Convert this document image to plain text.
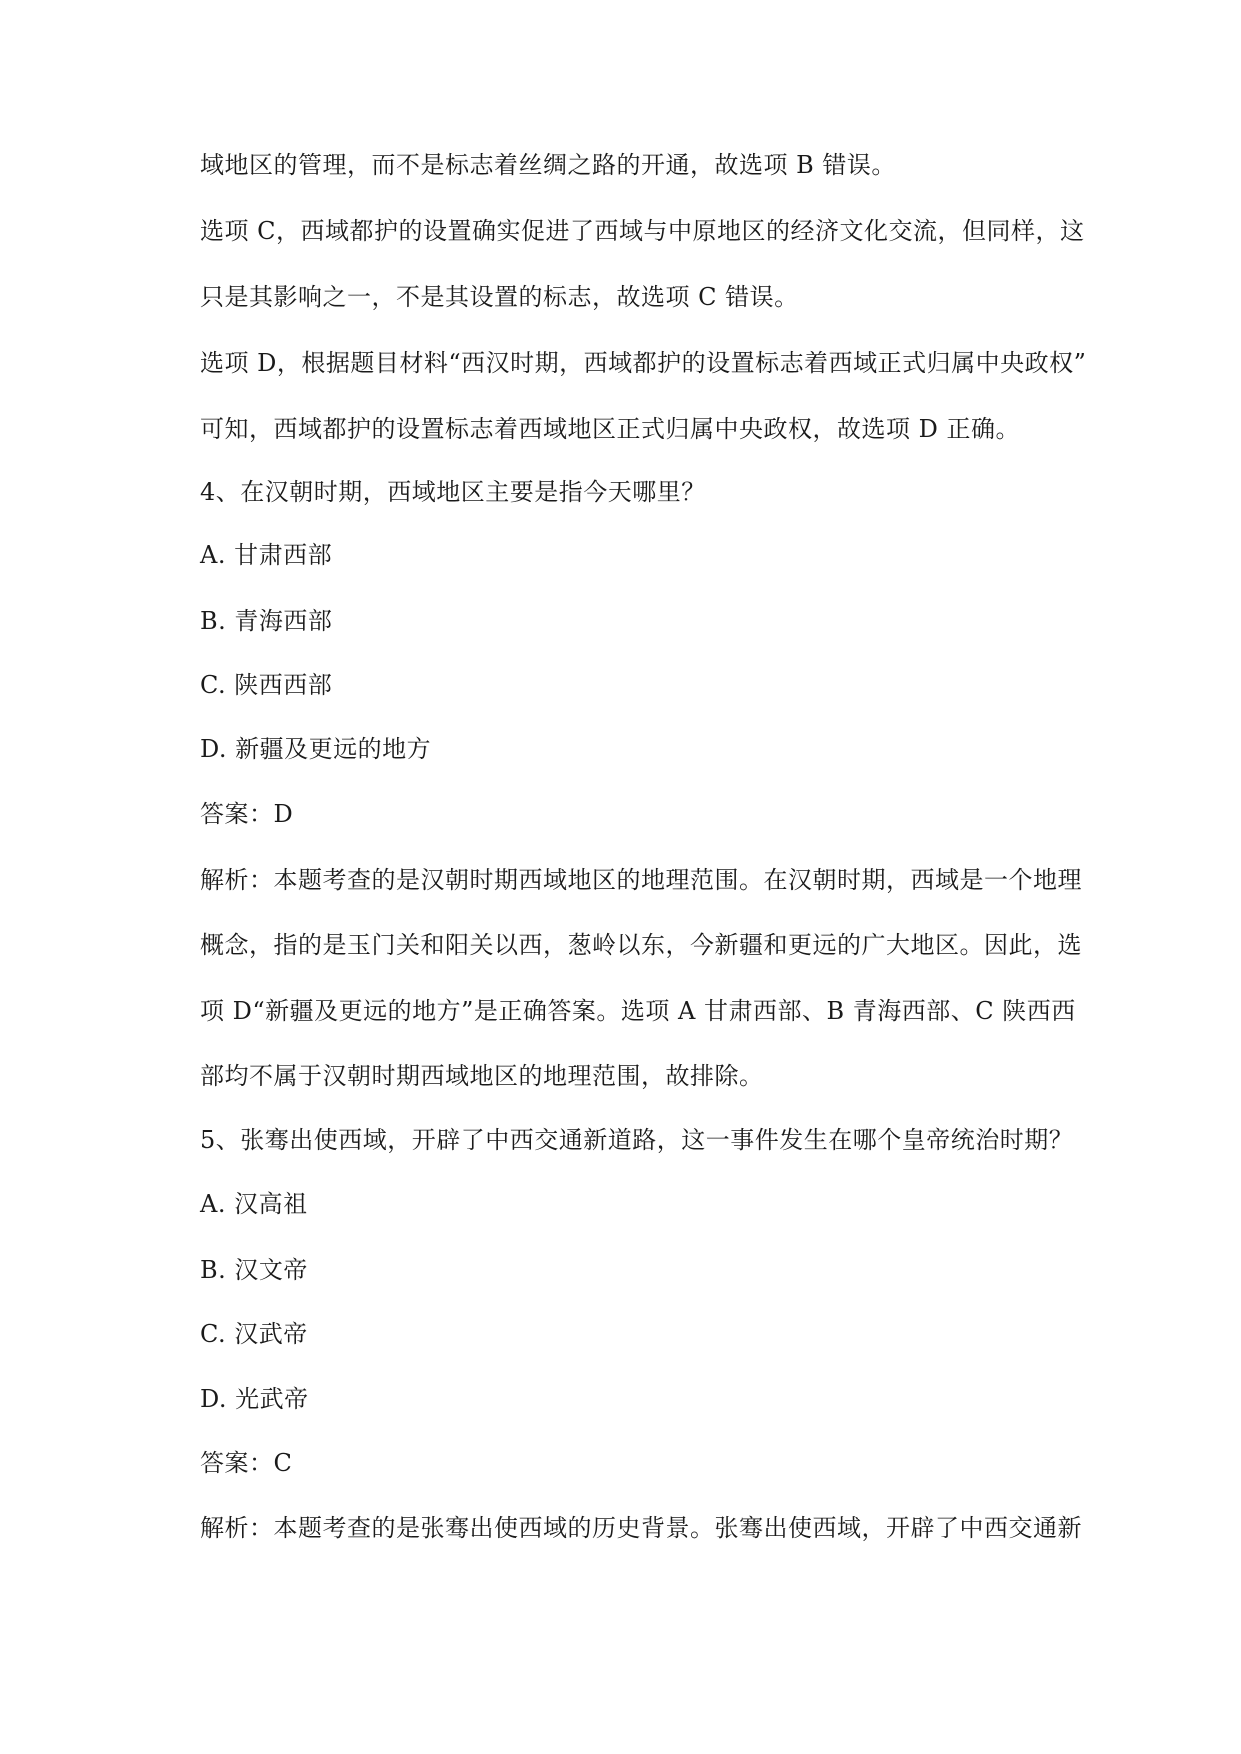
域地区的管理，而不是标志着丝绸之路的开通，故选项 B 错误。
选项 C，西域都护的设置确实促进了西域与中原地区的经济文化交流，但同样，这
只是其影响之一，不是其设置的标志，故选项 C 错误。
选项 D，根据题目材料“西汉时期，西域都护的设置标志着西域正式归属中央政权”
可知，西域都护的设置标志着西域地区正式归属中央政权，故选项 D 正确。
4、在汉朝时期，西域地区主要是指今天哪里？
A. 甘肃西部
B. 青海西部
C. 陕西西部
D. 新疆及更远的地方
答案：D
解析：本题考查的是汉朝时期西域地区的地理范围。在汉朝时期，西域是一个地理
概念，指的是玉门关和阳关以西，葱岭以东，今新疆和更远的广大地区。因此，选
项 D“新疆及更远的地方”是正确答案。选项 A 甘肃西部、B 青海西部、C 陕西西
部均不属于汉朝时期西域地区的地理范围，故排除。
5、张骞出使西域，开辟了中西交通新道路，这一事件发生在哪个皇帝统治时期？
A. 汉高祖
B. 汉文帝
C. 汉武帝
D. 光武帝
答案：C
解析：本题考查的是张骞出使西域的历史背景。张骞出使西域，开辟了中西交通新
